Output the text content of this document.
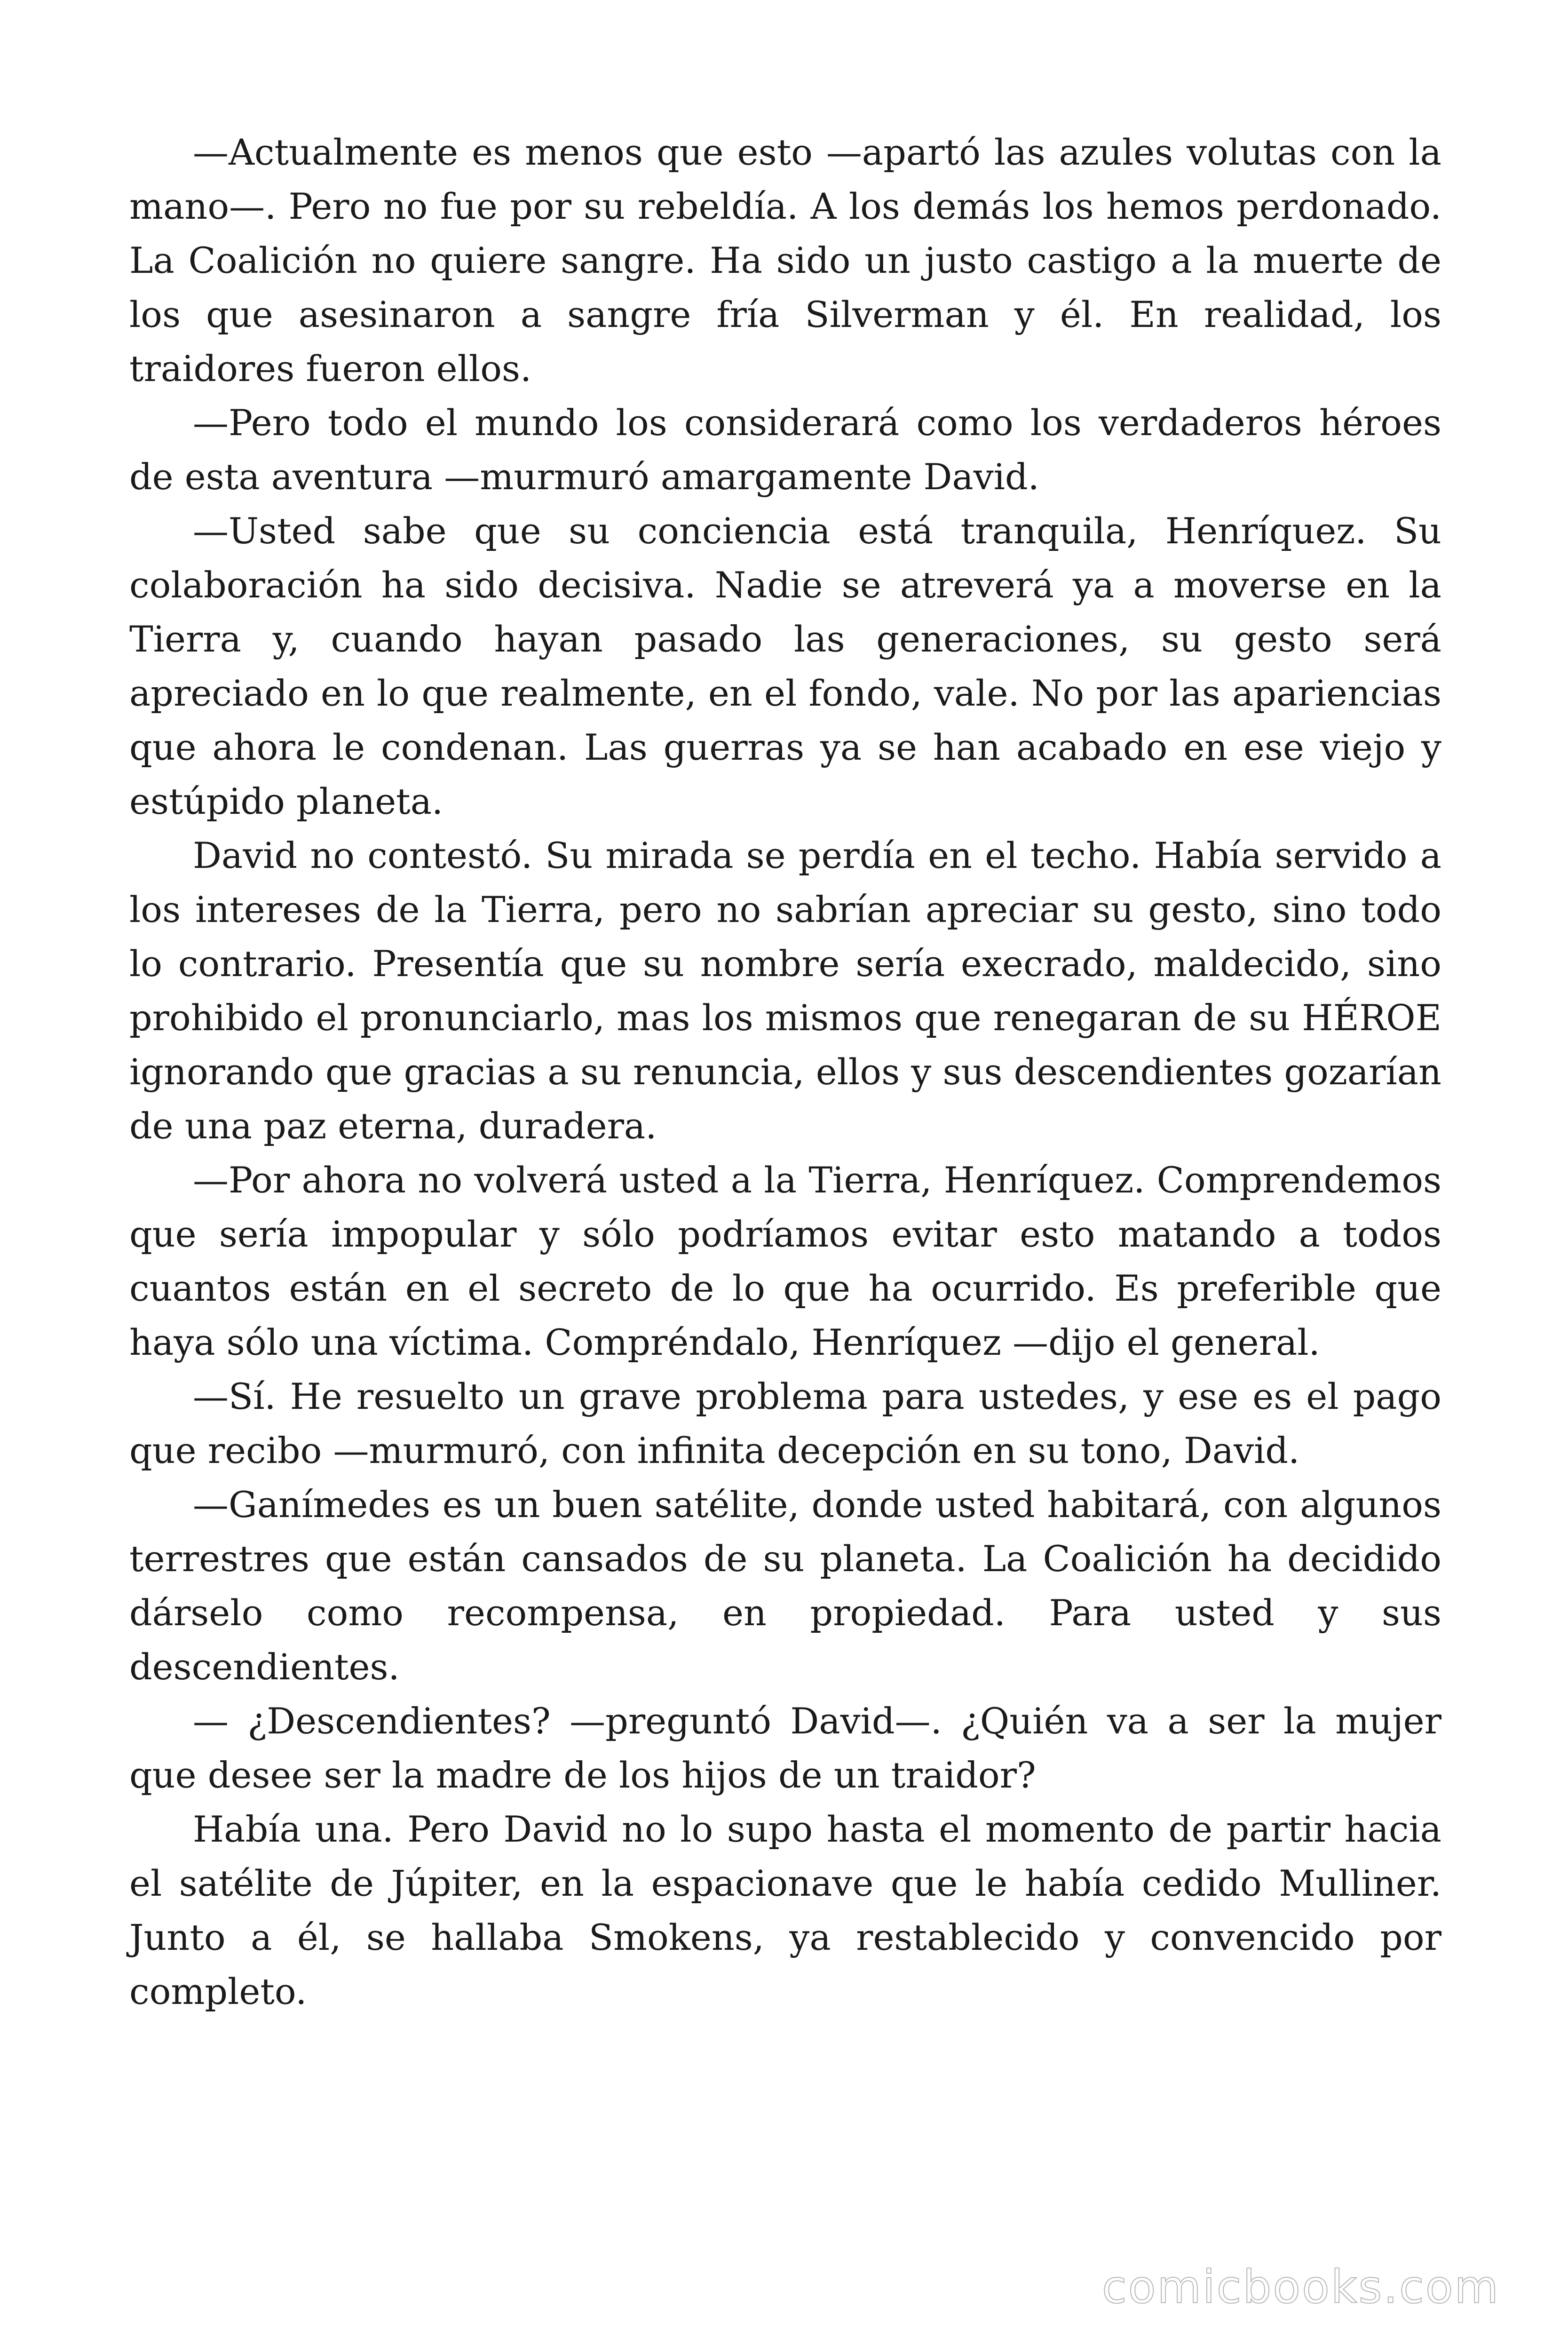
—Actualmente es menos que esto —apartó las azules volutas con la mano—. Pero no fue por su rebeldía. A los demás los hemos perdonado. La Coalición no quiere sangre. Ha sido un justo castigo a la muerte de los que asesinaron a sangre fría Silverman y él. En realidad, los traidores fueron ellos.

—Pero todo el mundo los considerará como los verdaderos héroes de esta aventura —murmuró amargamente David.

—Usted sabe que su conciencia está tranquila, Henríquez. Su colaboración ha sido decisiva. Nadie se atreverá ya a moverse en la Tierra y, cuando hayan pasado las generaciones, su gesto será apreciado en lo que realmente, en el fondo, vale. No por las apariencias que ahora le condenan. Las guerras ya se han acabado en ese viejo y estúpido planeta.

David no contestó. Su mirada se perdía en el techo. Había servido a los intereses de la Tierra, pero no sabrían apreciar su gesto, sino todo lo contrario. Presentía que su nombre sería execrado, maldecido, sino prohibido el pronunciarlo, mas los mismos que renegaran de su HÉROE ignorando que gracias a su renuncia, ellos y sus descendientes gozarían de una paz eterna, duradera.

—Por ahora no volverá usted a la Tierra, Henríquez. Comprendemos que sería impopular y sólo podríamos evitar esto matando a todos cuantos están en el secreto de lo que ha ocurrido. Es preferible que haya sólo una víctima. Compréndalo, Henríquez —dijo el general.

—Sí. He resuelto un grave problema para ustedes, y ese es el pago que recibo —murmuró, con infinita decepción en su tono, David.

—Ganímedes es un buen satélite, donde usted habitará, con algunos terrestres que están cansados de su planeta. La Coalición ha decidido dárselo como recompensa, en propiedad. Para usted y sus descendientes.

— ¿Descendientes? —preguntó David—. ¿Quién va a ser la mujer que desee ser la madre de los hijos de un traidor?

Había una. Pero David no lo supo hasta el momento de partir hacia el satélite de Júpiter, en la espacionave que le había cedido Mulliner. Junto a él, se hallaba Smokens, ya restablecido y convencido por completo.

comicbooks.com
